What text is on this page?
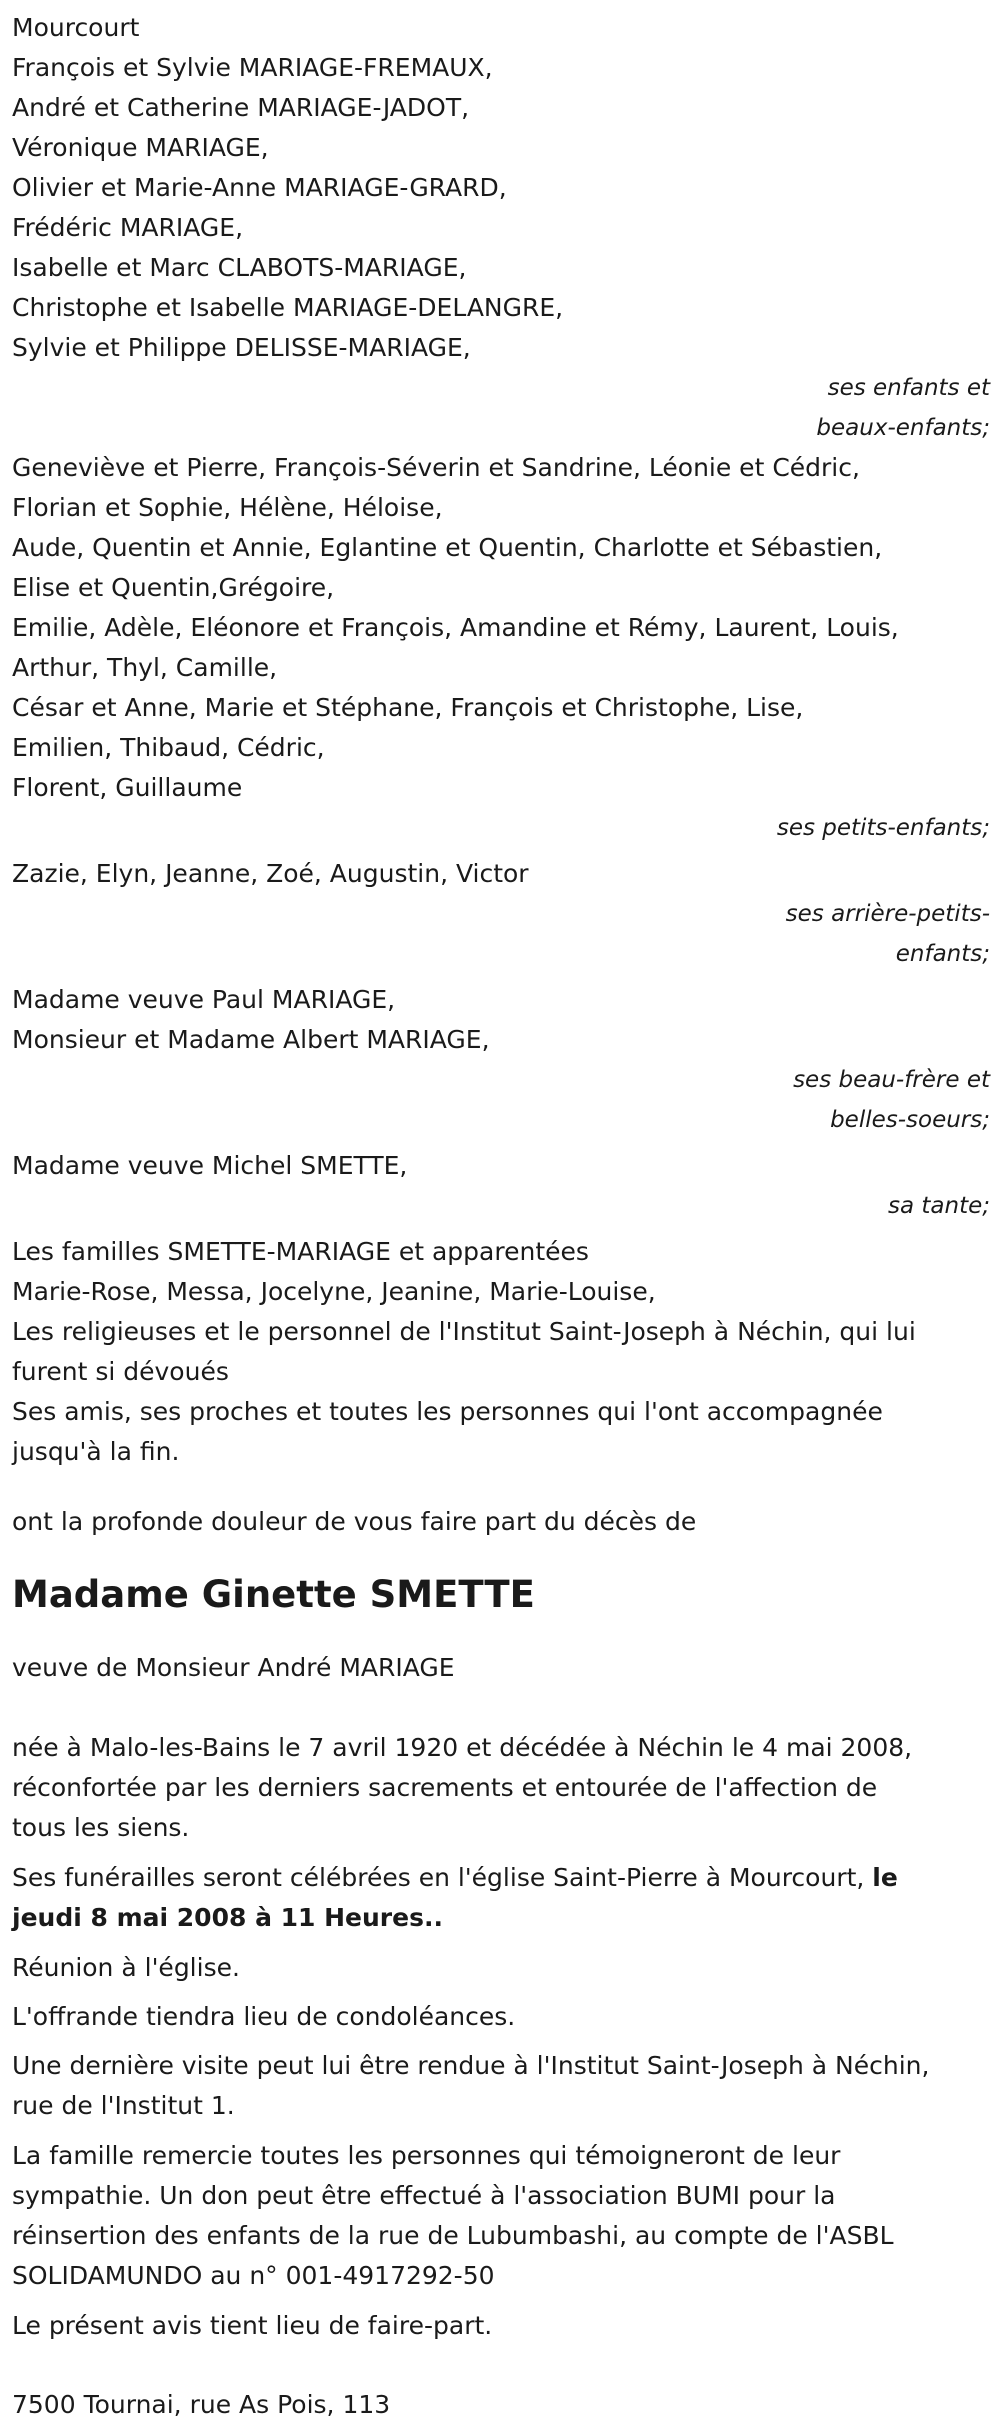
Mourcourt
François et Sylvie MARIAGE-FREMAUX,
André et Catherine MARIAGE-JADOT,
Véronique MARIAGE,
Olivier et Marie-Anne MARIAGE-GRARD,
Frédéric MARIAGE,
Isabelle et Marc CLABOTS-MARIAGE,
Christophe et Isabelle MARIAGE-DELANGRE,
Sylvie et Philippe DELISSE-MARIAGE,
ses enfants et
beaux-enfants;
Geneviève et Pierre, François-Séverin et Sandrine, Léonie et Cédric,
Florian et Sophie, Hélène, Héloise,
Aude, Quentin et Annie, Eglantine et Quentin, Charlotte et Sébastien,
Elise et Quentin,Grégoire,
Emilie, Adèle, Eléonore et François, Amandine et Rémy, Laurent, Louis,
Arthur, Thyl, Camille,
César et Anne, Marie et Stéphane, François et Christophe, Lise,
Emilien, Thibaud, Cédric,
Florent, Guillaume
ses petits-enfants;
Zazie, Elyn, Jeanne, Zoé, Augustin, Victor
ses arrière-petits-
enfants;
Madame veuve Paul MARIAGE,
Monsieur et Madame Albert MARIAGE,
ses beau-frère et
belles-soeurs;
Madame veuve Michel SMETTE,
sa tante;
Les familles SMETTE-MARIAGE et apparentées
Marie-Rose, Messa, Jocelyne, Jeanine, Marie-Louise,
Les religieuses et le personnel de l'Institut Saint-Joseph à Néchin, qui lui
furent si dévoués
Ses amis, ses proches et toutes les personnes qui l'ont accompagnée
jusqu'à la fin.
ont la profonde douleur de vous faire part du décès de
Madame Ginette SMETTE
veuve de Monsieur André MARIAGE
née à Malo-les-Bains le 7 avril 1920 et décédée à Néchin le 4 mai 2008,
réconfortée par les derniers sacrements et entourée de l'affection de
tous les siens.
Ses funérailles seront célébrées en l'église Saint-Pierre à Mourcourt, le
jeudi 8 mai 2008 à 11 Heures..
Réunion à l'église.
L'offrande tiendra lieu de condoléances.
Une dernière visite peut lui être rendue à l'Institut Saint-Joseph à Néchin,
rue de l'Institut 1.
La famille remercie toutes les personnes qui témoigneront de leur
sympathie. Un don peut être effectué à l'association BUMI pour la
réinsertion des enfants de la rue de Lubumbashi, au compte de l'ASBL
SOLIDAMUNDO au n° 001-4917292-50
Le présent avis tient lieu de faire-part.
7500 Tournai, rue As Pois, 113
